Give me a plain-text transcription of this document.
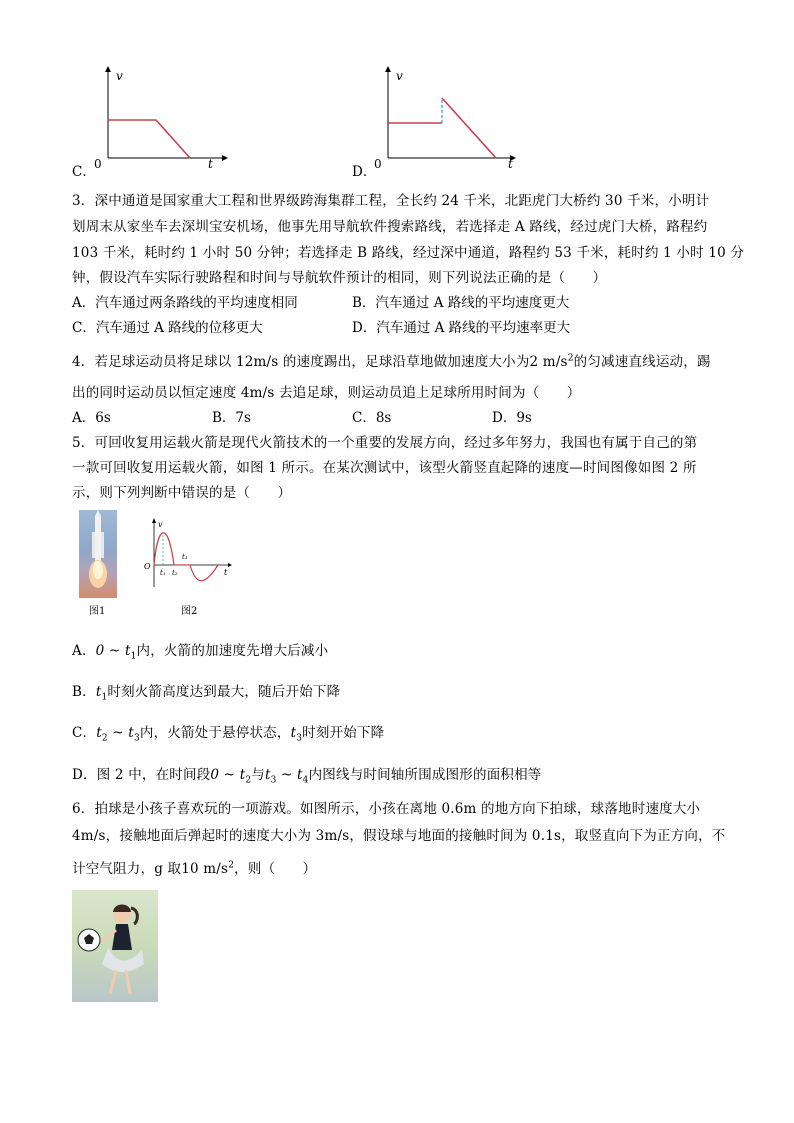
C．
v
t
0	D．
v
t
0
3．深中通道是国家重大工程和世界级跨海集群工程，全长约 24 千米，北距虎门大桥约 30 千米，小明计
划周末从家坐车去深圳宝安机场，他事先用导航软件搜索路线，若选择走 A 路线，经过虎门大桥，路程约
103 千米，耗时约 1 小时 50 分钟；若选择走 B 路线，经过深中通道，路程约 53 千米，耗时约 1 小时 10 分
钟，假设汽车实际行驶路程和时间与导航软件预计的相同，则下列说法正确的是（　　）
A．汽车通过两条路线的平均速度相同	B．汽车通过 A 路线的平均速度更大
C．汽车通过 A 路线的位移更大	D．汽车通过 A 路线的平均速率更大
4．若足球运动员将足球以 12m/s 的速度踢出，足球沿草地做加速度大小为2 $m/s^2$的匀减速直线运动，踢
出的同时运动员以恒定速度 4m/s 去追足球，则运动员追上足球所用时间为（　　）
A．6s	B．7s	C．8s	D．9s
5．可回收复用运载火箭是现代火箭技术的一个重要的发展方向，经过多年努力，我国也有属于自己的第
一款可回收复用运载火箭，如图 1 所示。在某次测试中，该型火箭竖直起降的速度—时间图像如图 2 所
示，则下列判断中错误的是（　　）
图1
v
O
t
t₁ t₂
t₃
图2
A．0 ~ $t_1$内，火箭的加速度先增大后减小
B．$t_1$时刻火箭高度达到最大，随后开始下降
C．$t_2$ ~ $t_3$内，火箭处于悬停状态，$t_3$时刻开始下降
D．图 2 中，在时间段0 ~ $t_2$与$t_3$ ~ $t_4$内图线与时间轴所围成图形的面积相等
6．拍球是小孩子喜欢玩的一项游戏。如图所示，小孩在离地 0.6m 的地方向下拍球，球落地时速度大小
4m/s，接触地面后弹起时的速度大小为 3m/s，假设球与地面的接触时间为 0.1s，取竖直向下为正方向，不
计空气阻力，g 取10 $m/s^2$，则（　　）
